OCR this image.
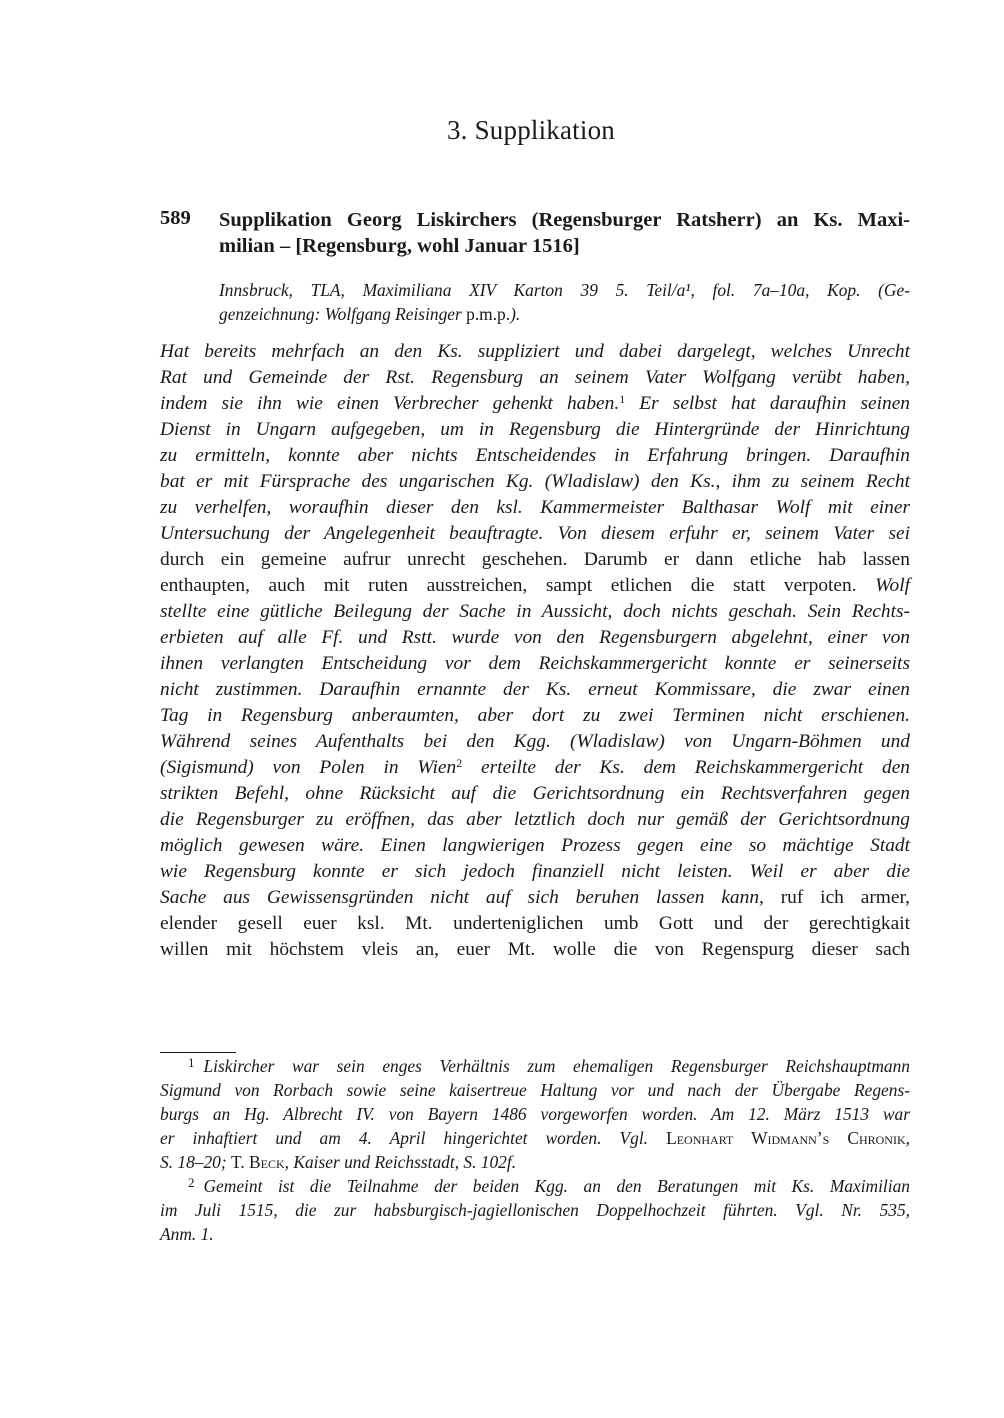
3. Supplikation
589 Supplikation Georg Liskirchers (Regensburger Ratsherr) an Ks. Maxi-
milian – [Regensburg, wohl Januar 1516]
Innsbruck, TLA, Maximiliana XIV Karton 39 5. Teil/a¹, fol. 7a–10a, Kop. (Ge-
genzeichnung: Wolfgang Reisinger p.m.p.).
Hat bereits mehrfach an den Ks. suppliziert und dabei dargelegt, welches Unrecht
Rat und Gemeinde der Rst. Regensburg an seinem Vater Wolfgang verübt haben,
indem sie ihn wie einen Verbrecher gehenkt haben.$^1$ Er selbst hat daraufhin seinen
Dienst in Ungarn aufgegeben, um in Regensburg die Hintergründe der Hinrichtung
zu ermitteln, konnte aber nichts Entscheidendes in Erfahrung bringen. Daraufhin
bat er mit Fürsprache des ungarischen Kg. (Wladislaw) den Ks., ihm zu seinem Recht
zu verhelfen, woraufhin dieser den ksl. Kammermeister Balthasar Wolf mit einer
Untersuchung der Angelegenheit beauftragte. Von diesem erfuhr er, seinem Vater sei
durch ein gemeine aufrur unrecht geschehen. Darumb er dann etliche hab lassen
enthaupten, auch mit ruten ausstreichen, sampt etlichen die statt verpoten. Wolf
stellte eine gütliche Beilegung der Sache in Aussicht, doch nichts geschah. Sein Rechts-
erbieten auf alle Ff. und Rstt. wurde von den Regensburgern abgelehnt, einer von
ihnen verlangten Entscheidung vor dem Reichskammergericht konnte er seinerseits
nicht zustimmen. Daraufhin ernannte der Ks. erneut Kommissare, die zwar einen
Tag in Regensburg anberaumten, aber dort zu zwei Terminen nicht erschienen.
Während seines Aufenthalts bei den Kgg. (Wladislaw) von Ungarn-Böhmen und
(Sigismund) von Polen in Wien$^2$ erteilte der Ks. dem Reichskammergericht den
strikten Befehl, ohne Rücksicht auf die Gerichtsordnung ein Rechtsverfahren gegen
die Regensburger zu eröffnen, das aber letztlich doch nur gemäß der Gerichtsordnung
möglich gewesen wäre. Einen langwierigen Prozess gegen eine so mächtige Stadt
wie Regensburg konnte er sich jedoch finanziell nicht leisten. Weil er aber die
Sache aus Gewissensgründen nicht auf sich beruhen lassen kann, ruf ich armer,
elender gesell euer ksl. Mt. underteniglichen umb Gott und der gerechtigkait
willen mit höchstem vleis an, euer Mt. wolle die von Regenspurg dieser sach
$^1$ Liskircher war sein enges Verhältnis zum ehemaligen Regensburger Reichshauptmann
Sigmund von Rorbach sowie seine kaisertreue Haltung vor und nach der Übergabe Regens-
burgs an Hg. Albrecht IV. von Bayern 1486 vorgeworfen worden. Am 12. März 1513 war
er inhaftiert und am 4. April hingerichtet worden. Vgl. Leonhart Widmann’s Chronik,
S. 18–20; T. Beck, Kaiser und Reichsstadt, S. 102f.
$^2$ Gemeint ist die Teilnahme der beiden Kgg. an den Beratungen mit Ks. Maximilian
im Juli 1515, die zur habsburgisch-jagiellonischen Doppelhochzeit führten. Vgl. Nr. 535,
Anm. 1.
